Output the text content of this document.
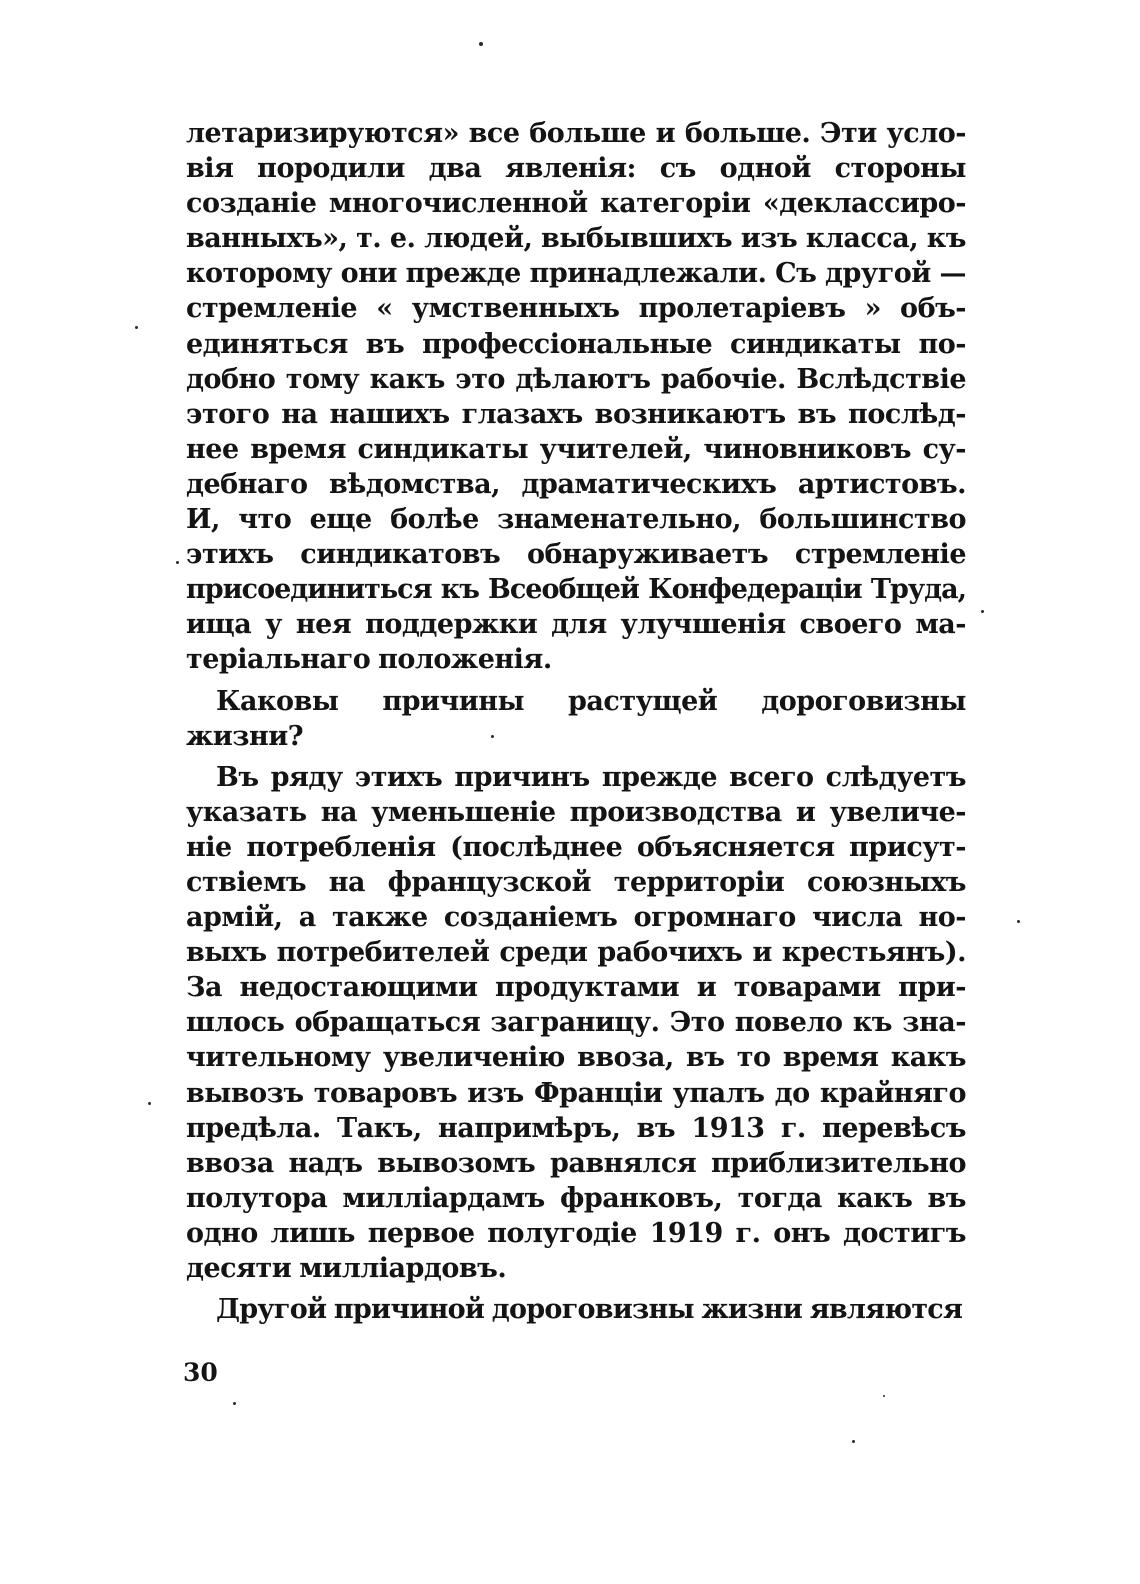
летаризируются» все больше и больше. Эти усло-
вія породили два явленія: съ одной стороны
созданіе многочисленной категоріи «деклассиро-
ванныхъ», т. е. людей, выбывшихъ изъ класса, къ
которому они прежде принадлежали. Съ другой —
стремленіе « умственныхъ пролетаріевъ » объ-
единяться въ профессіональные синдикаты по-
добно тому какъ это дѣлаютъ рабочіе. Вслѣдствіе
этого на нашихъ глазахъ возникаютъ въ послѣд-
нее время синдикаты учителей, чиновниковъ су-
дебнаго вѣдомства, драматическихъ артистовъ.
И, что еще болѣе знаменательно, большинство
этихъ синдикатовъ обнаруживаетъ стремленіе
присоединиться къ Всеобщей Конфедераціи Труда,
ища у нея поддержки для улучшенія своего ма-
теріальнаго положенія.
Каковы причины растущей дороговизны
жизни?
Въ ряду этихъ причинъ прежде всего слѣдуетъ
указать на уменьшеніе производства и увеличе-
ніе потребленія (послѣднее объясняется присут-
ствіемъ на французской территоріи союзныхъ
армій, а также созданіемъ огромнаго числа но-
выхъ потребителей среди рабочихъ и крестьянъ).
За недостающими продуктами и товарами при-
шлось обращаться заграницу. Это повело къ зна-
чительному увеличенію ввоза, въ то время какъ
вывозъ товаровъ изъ Франціи упалъ до крайняго
предѣла. Такъ, напримѣръ, въ 1913 г. перевѣсъ
ввоза надъ вывозомъ равнялся приблизительно
полутора милліардамъ франковъ, тогда какъ въ
одно лишь первое полугодіе 1919 г. онъ достигъ
десяти милліардовъ.
Другой причиной дороговизны жизни являются
30
